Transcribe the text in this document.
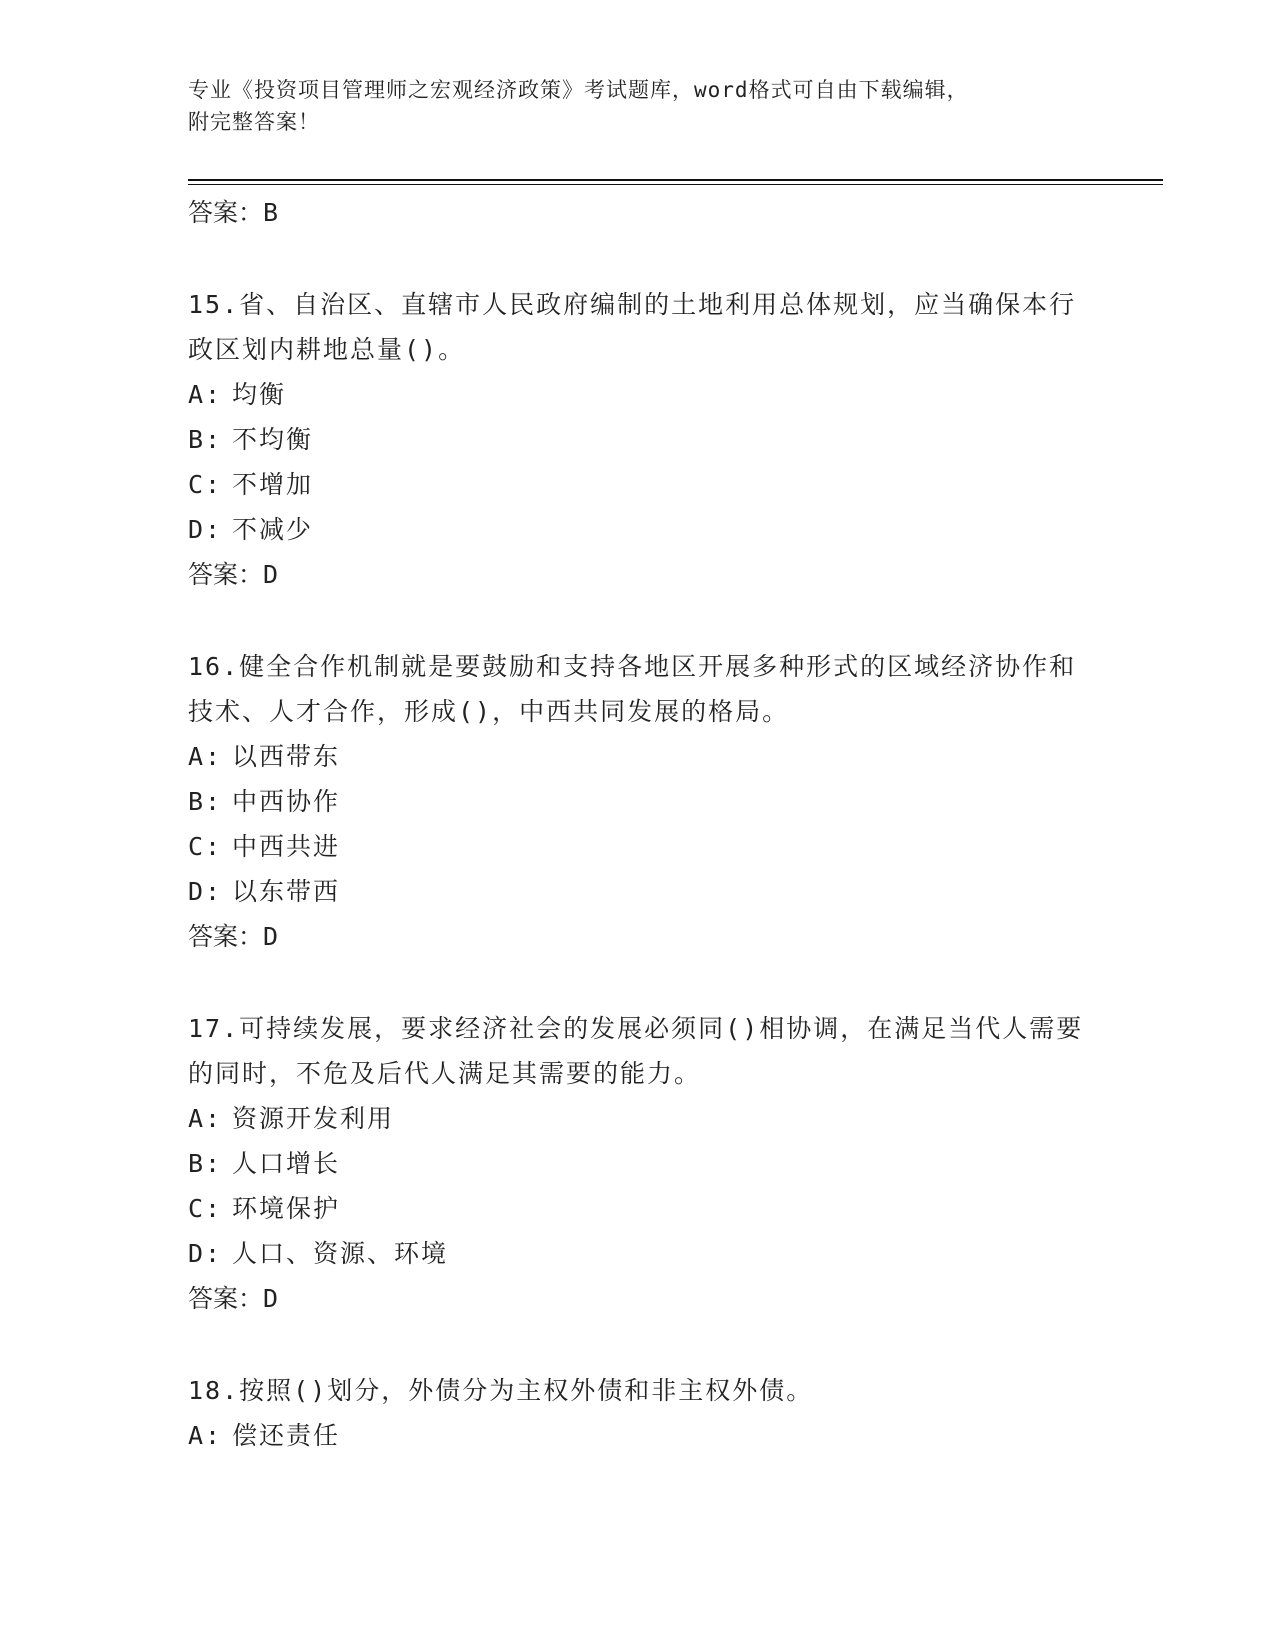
专业《投资项目管理师之宏观经济政策》考试题库，word格式可自由下载编辑，
附完整答案！
答案：B
15.省、自治区、直辖市人民政府编制的土地利用总体规划，应当确保本行政区划内耕地总量()。
A: 均衡
B: 不均衡
C: 不增加
D: 不减少
答案：D
16.健全合作机制就是要鼓励和支持各地区开展多种形式的区域经济协作和技术、人才合作，形成()，中西共同发展的格局。
A: 以西带东
B: 中西协作
C: 中西共进
D: 以东带西
答案：D
17.可持续发展，要求经济社会的发展必须同()相协调，在满足当代人需要的同时，不危及后代人满足其需要的能力。
A: 资源开发利用
B: 人口增长
C: 环境保护
D: 人口、资源、环境
答案：D
18.按照()划分，外债分为主权外债和非主权外债。
A: 偿还责任
